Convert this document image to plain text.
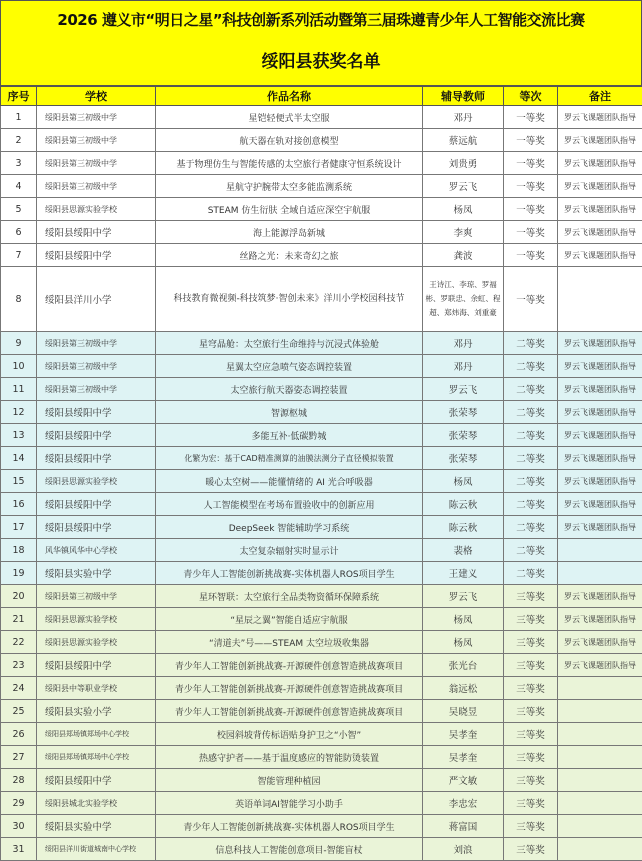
2026 遵义市“明日之星”科技创新系列活动暨第三届珠遵青少年人工智能交流比赛
绥阳县获奖名单
序号	学校	作品名称	辅导教师	等次	备注
1	绥阳县第三初级中学	星铠轻便式半太空服	邓丹	一等奖	罗云飞课题团队指导
2	绥阳县第三初级中学	航天器在轨对接创意模型	蔡远航	一等奖	罗云飞课题团队指导
3	绥阳县第三初级中学	基于物理仿生与智能传感的太空旅行者健康守恒系统设计	刘贵勇	一等奖	罗云飞课题团队指导
4	绥阳县第三初级中学	星航守护腕带太空多能监测系统	罗云飞	一等奖	罗云飞课题团队指导
5	绥阳县思源实验学校	STEAM 仿生衍肤 全域自适应深空宇航服	杨凤	一等奖	罗云飞课题团队指导
6	绥阳县绥阳中学	海上能源浮岛新城	李爽	一等奖	罗云飞课题团队指导
7	绥阳县绥阳中学	丝路之光：未来奇幻之旅	龚波	一等奖	罗云飞课题团队指导
8	绥阳县洋川小学	科技教育微视频-科技筑梦·智创未来》洋川小学校园科技节	王诗江、李琼、罗福彬、罗联忠、余虹、程超、郑炜海、刘重豪	一等奖	
9	绥阳县第三初级中学	星穹晶舱：太空旅行生命维持与沉浸式体验舱	邓丹	二等奖	罗云飞课题团队指导
10	绥阳县第三初级中学	星翼太空应急喷气姿态调控装置	邓丹	二等奖	罗云飞课题团队指导
11	绥阳县第三初级中学	太空旅行航天器姿态调控装置	罗云飞	二等奖	罗云飞课题团队指导
12	绥阳县绥阳中学	智源枢城	张荣琴	二等奖	罗云飞课题团队指导
13	绥阳县绥阳中学	多能互补·低碳黔城	张荣琴	二等奖	罗云飞课题团队指导
14	绥阳县绥阳中学	化繁为宏：基于CAD精准测算的油膜法测分子直径模拟装置	张荣琴	二等奖	罗云飞课题团队指导
15	绥阳县思源实验学校	暖心太空树——能懂情绪的 AI 光合呼吸器	杨凤	二等奖	罗云飞课题团队指导
16	绥阳县绥阳中学	人工智能模型在考场布置验收中的创新应用	陈云秋	二等奖	罗云飞课题团队指导
17	绥阳县绥阳中学	DeepSeek 智能辅助学习系统	陈云秋	二等奖	罗云飞课题团队指导
18	风华镇风华中心学校	太空复杂辐射实时显示计	裴格	二等奖	
19	绥阳县实验中学	青少年人工智能创新挑战赛-实体机器人ROS项目学生	王建义	二等奖	
20	绥阳县第三初级中学	星环智联：太空旅行全品类物资循环保障系统	罗云飞	三等奖	罗云飞课题团队指导
21	绥阳县思源实验学校	“星辰之翼”智能自适应宇航服	杨凤	三等奖	罗云飞课题团队指导
22	绥阳县思源实验学校	“清道夫”号——STEAM 太空垃圾收集器	杨凤	三等奖	罗云飞课题团队指导
23	绥阳县绥阳中学	青少年人工智能创新挑战赛-开源硬件创意智造挑战赛项目	张光台	三等奖	罗云飞课题团队指导
24	绥阳县中等职业学校	青少年人工智能创新挑战赛-开源硬件创意智造挑战赛项目	翁远松	三等奖	
25	绥阳县实验小学	青少年人工智能创新挑战赛-开源硬件创意智造挑战赛项目	吴晓昱	三等奖	
26	绥阳县郑场镇郑场中心学校	校园斜坡背传标语贴身护卫之“小智”	吴孝奎	三等奖	
27	绥阳县郑场镇郑场中心学校	热感守护者——基于温度感应的智能防烫装置	吴孝奎	三等奖	
28	绥阳县绥阳中学	智能管理种植园	严文敏	三等奖	
29	绥阳县城北实验学校	英语单词AI智能学习小助手	李忠宏	三等奖	
30	绥阳县实验中学	青少年人工智能创新挑战赛-实体机器人ROS项目学生	蒋富国	三等奖	
31	绥阳县洋川街道城南中心学校	信息科技人工智能创意项目-智能盲杖	刘浪	三等奖	
